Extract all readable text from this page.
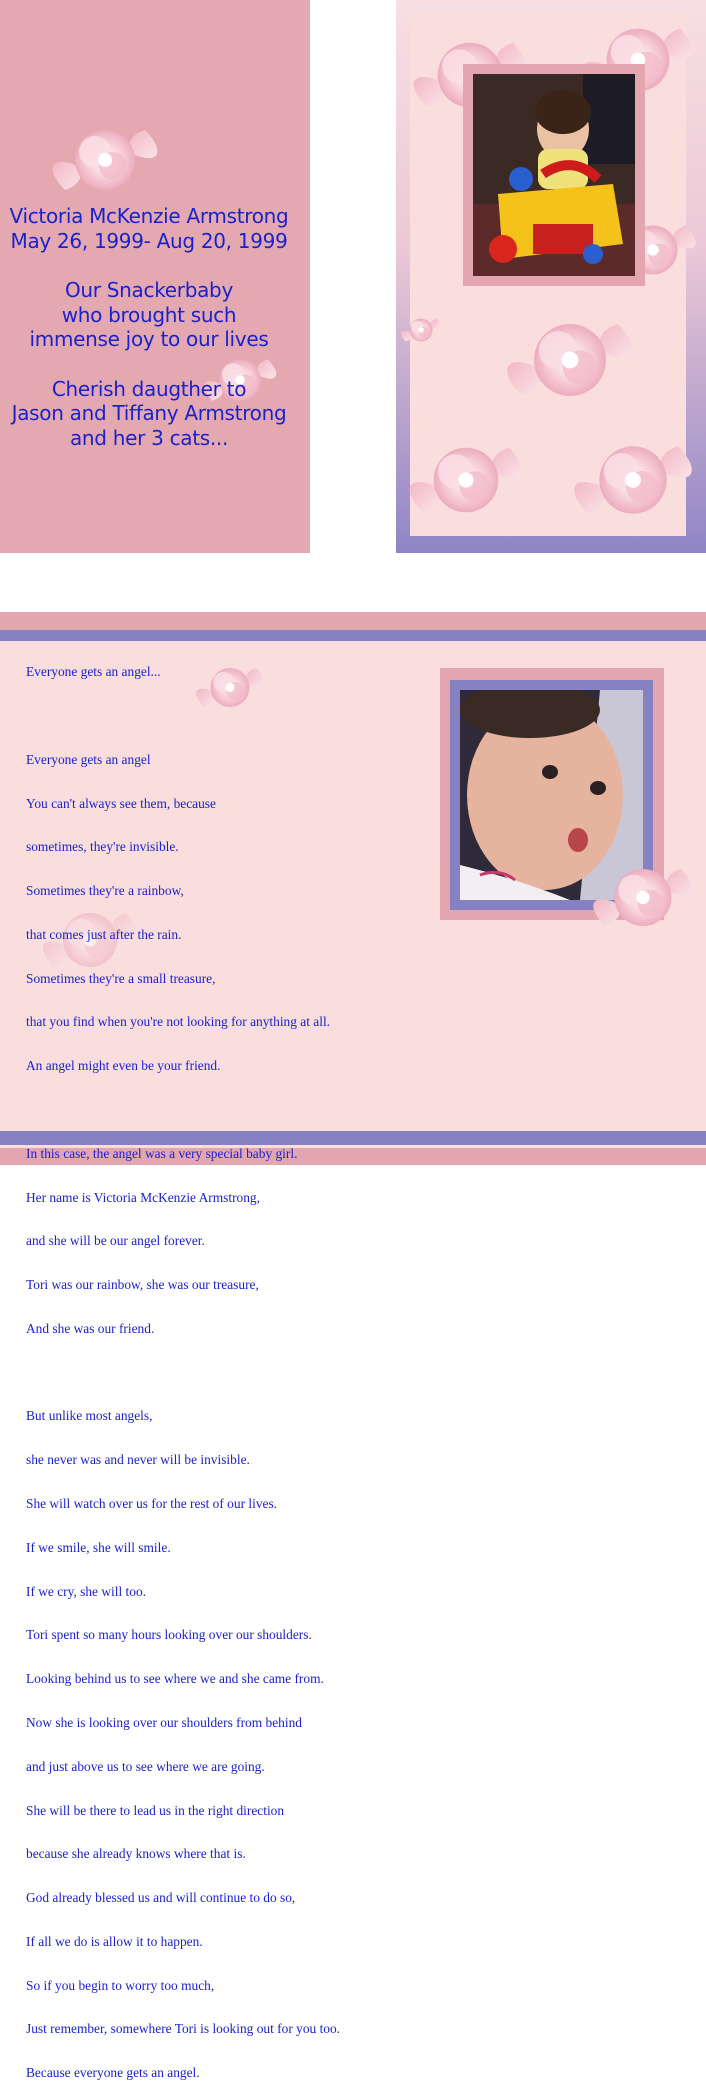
Victoria McKenzie Armstrong
May 26, 1999- Aug 20, 1999
Our Snackerbaby
who brought such
immense joy to our lives
Cherish daugther to
Jason and Tiffany Armstrong
and her 3 cats...

Everyone gets an angel...

Everyone gets an angel

You can't always see them, because

sometimes, they're invisible.

Sometimes they're a rainbow,

that comes just after the rain.

Sometimes they're a small treasure,

that you find when you're not looking for anything at all.

An angel might even be your friend.

In this case, the angel was a very special baby girl.

Her name is Victoria McKenzie Armstrong,

and she will be our angel forever.

Tori was our rainbow, she was our treasure,

And she was our friend.

But unlike most angels,

she never was and never will be invisible.

She will watch over us for the rest of our lives.

If we smile, she will smile.

If we cry, she will too.

Tori spent so many hours looking over our shoulders.

Looking behind us to see where we and she came from.

Now she is looking over our shoulders from behind

and just above us to see where we are going.

She will be there to lead us in the right direction

because she already knows where that is.

God already blessed us and will continue to do so,

If all we do is allow it to happen.

So if you begin to worry too much,

Just remember, somewhere Tori is looking out for you too.

Because everyone gets an angel.
